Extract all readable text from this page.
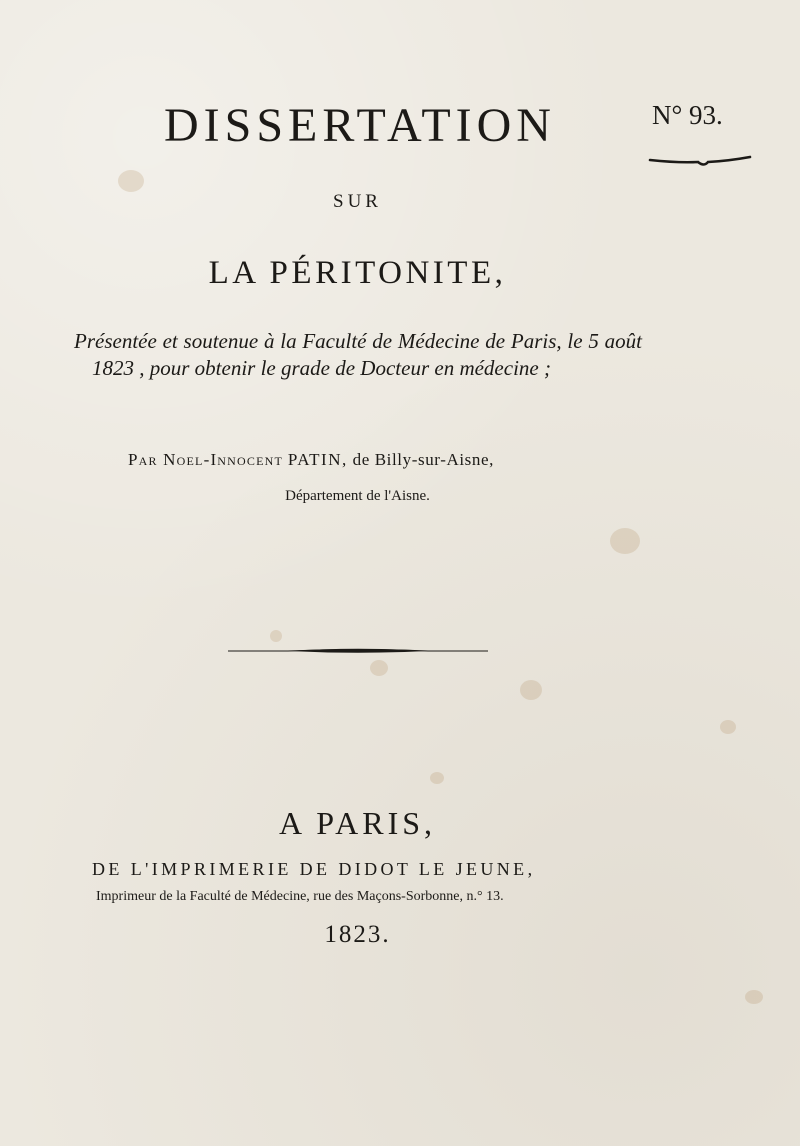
DISSERTATION	N° 93.
SUR
LA PÉRITONITE,
Présentée et soutenue à la Faculté de Médecine de Paris, le 5 août 1823 , pour obtenir le grade de Docteur en médecine ;
Par Noel-Innocent PATIN, de Billy-sur-Aisne,
Département de l'Aisne.
A PARIS,
DE L'IMPRIMERIE DE DIDOT LE JEUNE,
Imprimeur de la Faculté de Médecine, rue des Maçons-Sorbonne, n.° 13.
1823.
